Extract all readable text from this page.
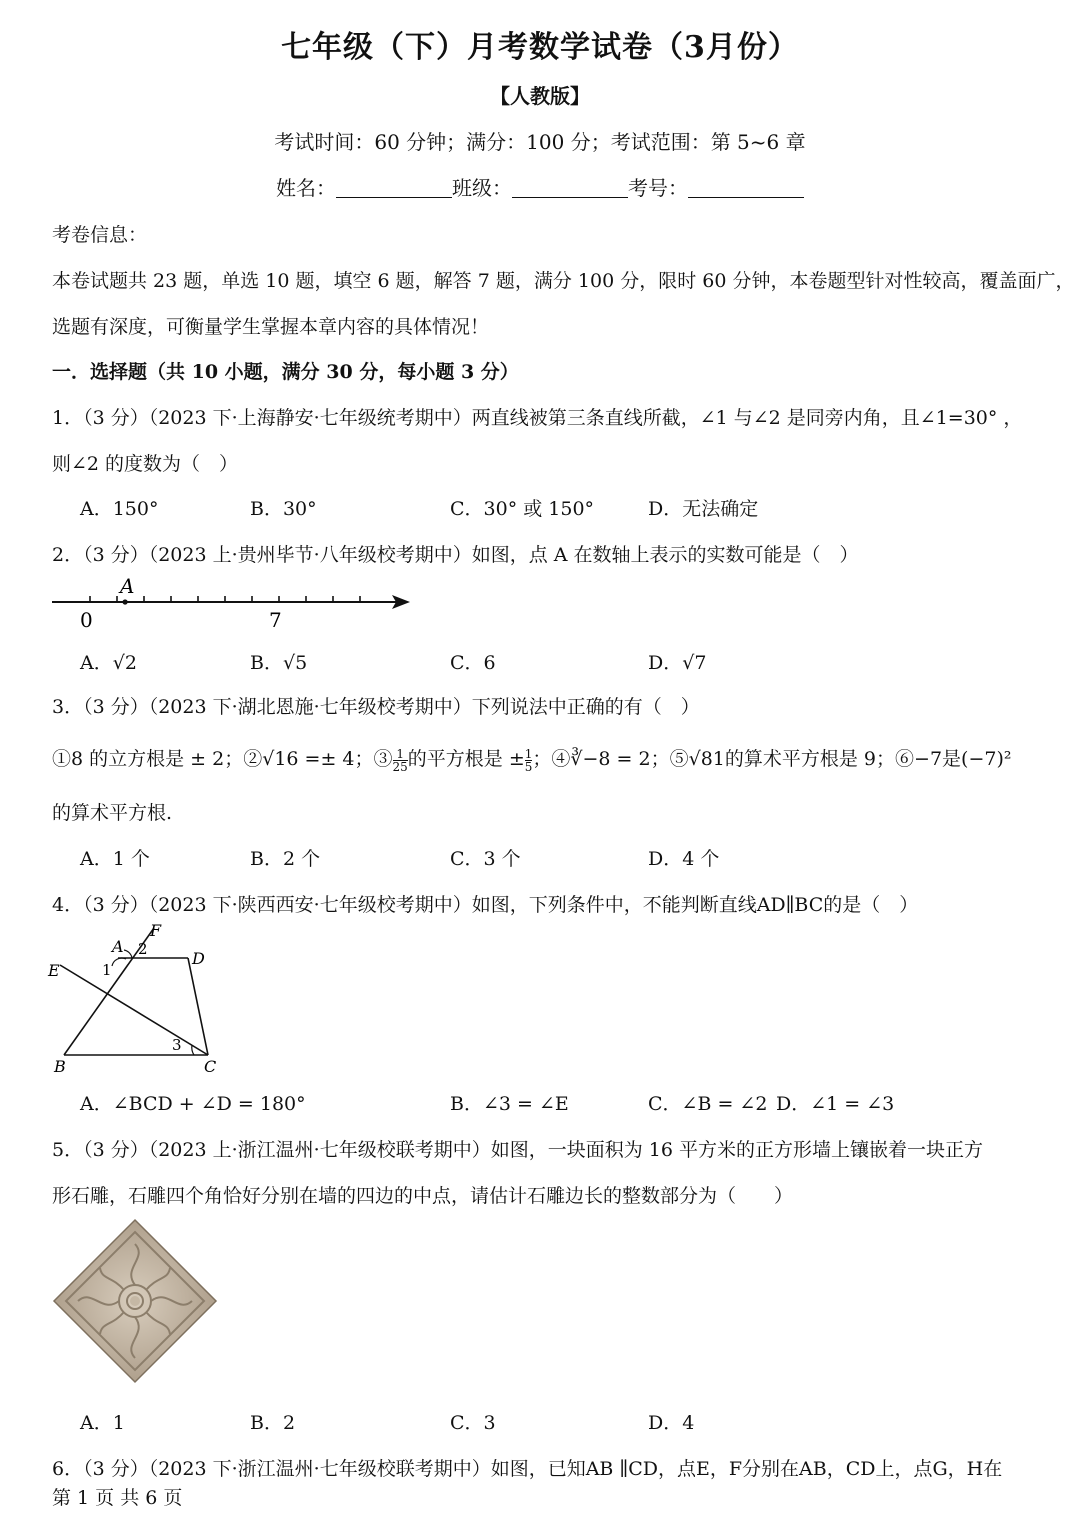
七年级（下）月考数学试卷（3月份）
【人教版】
考试时间：60 分钟；满分：100 分；考试范围：第 5~6 章
姓名：	班级：	考号：
考卷信息：
本卷试题共 23 题，单选 10 题，填空 6 题，解答 7 题，满分 100 分，限时 60 分钟，本卷题型针对性较高，覆盖面广，
选题有深度，可衡量学生掌握本章内容的具体情况！
一．选择题（共 10 小题，满分 30 分，每小题 3 分）
1．（3 分）（2023 下·上海静安·七年级统考期中）两直线被第三条直线所截，∠1 与∠2 是同旁内角，且∠1=30° ，
则∠2 的度数为（　）
A．150°	B．30°	C．30° 或 150°	D．无法确定
2．（3 分）（2023 上·贵州毕节·八年级校考期中）如图，点 A 在数轴上表示的实数可能是（　）
A
0	7
A．√2	B．√5	C．6	D．√7
3．（3 分）（2023 下·湖北恩施·七年级校考期中）下列说法中正确的有（　）
①8 的立方根是 ± 2；②√16 =± 4；③ $\frac{1}{25}$ 的平方根是 ± $\frac{1}{5}$ ；④∛−8 = 2；⑤√81的算术平方根是 9；⑥−7是(−7)²
的算术平方根.
A．1 个	B．2 个	C．3 个	D．4 个
4．（3 分）（2023 下·陕西西安·七年级校考期中）如图，下列条件中，不能判断直线AD∥BC的是（　）
A
B	C
D
E
F
1
2
3
A．∠BCD + ∠D = 180°	B．∠3 = ∠E	C．∠B = ∠2 D．∠1 = ∠3
5．（3 分）（2023 上·浙江温州·七年级校联考期中）如图，一块面积为 16 平方米的正方形墙上镶嵌着一块正方
形石雕，石雕四个角恰好分别在墙的四边的中点，请估计石雕边长的整数部分为（　　）
A．1	B．2	C．3	D．4
6．（3 分）（2023 下·浙江温州·七年级校联考期中）如图，已知AB ∥CD，点E，F分别在AB，CD上，点G，H在
第 1 页 共 6 页
